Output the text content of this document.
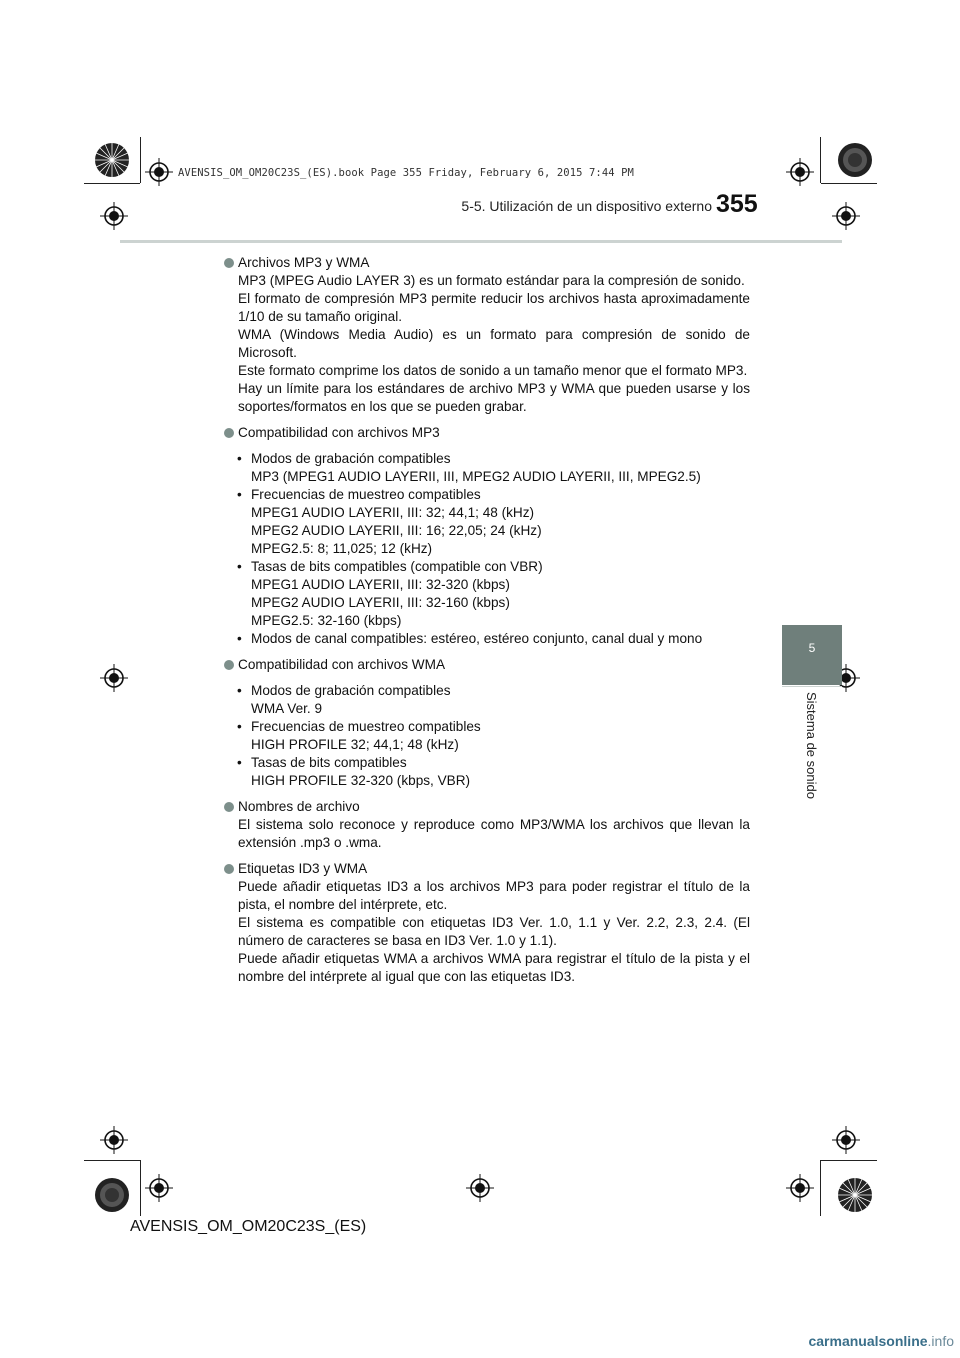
AVENSIS_OM_OM20C23S_(ES).book Page 355 Friday, February 6, 2015 7:44 PM
5-5. Utilización de un dispositivo externo 355
5
Sistema de sonido

Archivos MP3 y WMA

MP3 (MPEG Audio LAYER 3) es un formato estándar para la compresión de sonido.

El formato de compresión MP3 permite reducir los archivos hasta aproximadamente 1/10 de su tamaño original.

WMA (Windows Media Audio) es un formato para compresión de sonido de Microsoft.

Este formato comprime los datos de sonido a un tamaño menor que el formato MP3.

Hay un límite para los estándares de archivo MP3 y WMA que pueden usarse y los soportes/formatos en los que se pueden grabar.

Compatibilidad con archivos MP3

• Modos de grabación compatibles

MP3 (MPEG1 AUDIO LAYERII, III, MPEG2 AUDIO LAYERII, III, MPEG2.5)

• Frecuencias de muestreo compatibles

MPEG1 AUDIO LAYERII, III: 32; 44,1; 48 (kHz)

MPEG2 AUDIO LAYERII, III: 16; 22,05; 24 (kHz)

MPEG2.5: 8; 11,025; 12 (kHz)

• Tasas de bits compatibles (compatible con VBR)

MPEG1 AUDIO LAYERII, III: 32-320 (kbps)

MPEG2 AUDIO LAYERII, III: 32-160 (kbps)

MPEG2.5: 32-160 (kbps)

• Modos de canal compatibles: estéreo, estéreo conjunto, canal dual y mono

Compatibilidad con archivos WMA

• Modos de grabación compatibles

WMA Ver. 9

• Frecuencias de muestreo compatibles

HIGH PROFILE 32; 44,1; 48 (kHz)

• Tasas de bits compatibles

HIGH PROFILE 32-320 (kbps, VBR)

Nombres de archivo

El sistema solo reconoce y reproduce como MP3/WMA los archivos que llevan la extensión .mp3 o .wma.

Etiquetas ID3 y WMA

Puede añadir etiquetas ID3 a los archivos MP3 para poder registrar el título de la pista, el nombre del intérprete, etc.

El sistema es compatible con etiquetas ID3 Ver. 1.0, 1.1 y Ver. 2.2, 2.3, 2.4. (El número de caracteres se basa en ID3 Ver. 1.0 y 1.1).

Puede añadir etiquetas WMA a archivos WMA para registrar el título de la pista y el nombre del intérprete al igual que con las etiquetas ID3.

AVENSIS_OM_OM20C23S_(ES)
carmanualsonline.info
